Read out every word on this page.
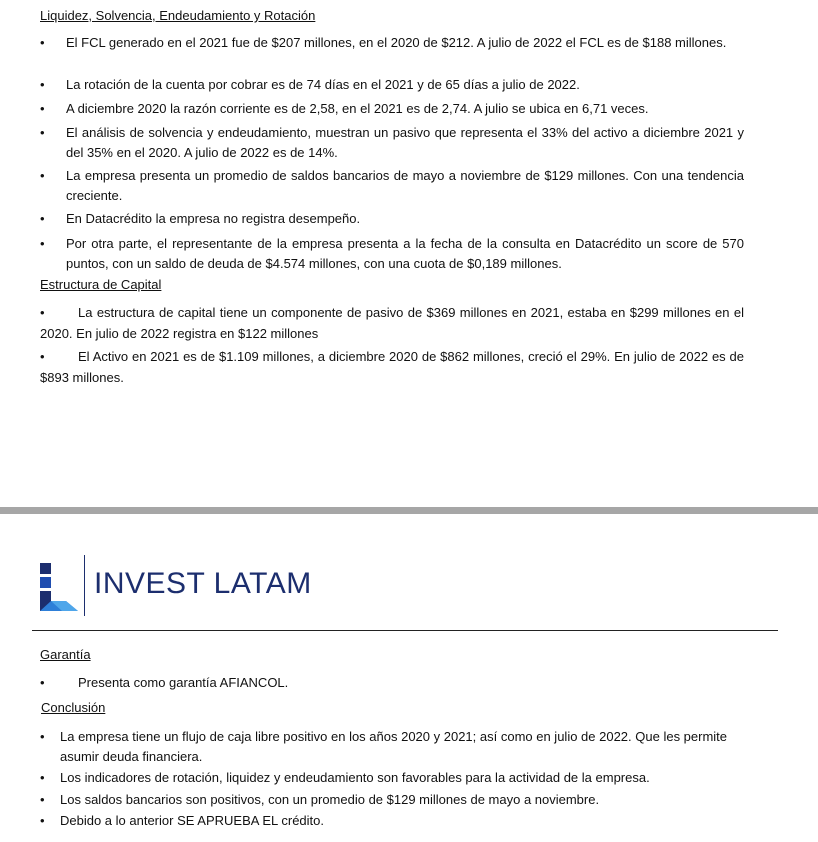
Liquidez, Solvencia, Endeudamiento y Rotación
•	El FCL generado en el 2021 fue de $207 millones, en el 2020 de $212. A julio de 2022 el FCL es de $188 millones.
•	La rotación de la cuenta por cobrar es de 74 días en el 2021 y de 65 días a julio de 2022.
•	A diciembre 2020 la razón corriente es de 2,58, en el 2021 es de 2,74. A julio se ubica en 6,71 veces.
•	El análisis de solvencia y endeudamiento, muestran un pasivo que representa el 33% del activo a diciembre 2021 y del 35% en el 2020. A julio de 2022 es de 14%.
•	La empresa presenta un promedio de saldos bancarios de mayo a noviembre de $129 millones. Con una tendencia creciente.
•	En Datacrédito la empresa no registra desempeño.
•	Por otra parte, el representante de la empresa presenta a la fecha de la consulta en Datacrédito un score de 570 puntos, con un saldo de deuda de $4.574 millones, con una cuota de $0,189 millones.
Estructura de Capital
•	La estructura de capital tiene un componente de pasivo de $369 millones en 2021, estaba en $299 millones en el 2020. En julio de 2022 registra en $122 millones
•	El Activo en 2021 es de $1.109 millones, a diciembre 2020 de $862 millones, creció el 29%. En julio de 2022 es de $893 millones.
INVEST LATAM
Garantía
•	Presenta como garantía AFIANCOL.
Conclusión
•	La empresa tiene un flujo de caja libre positivo en los años 2020 y 2021; así como en julio de 2022. Que les permite asumir deuda financiera.
•	Los indicadores de rotación, liquidez y endeudamiento son favorables para la actividad de la empresa.
•	Los saldos bancarios son positivos, con un promedio de $129 millones de mayo a noviembre.
•	Debido a lo anterior SE APRUEBA EL crédito.
